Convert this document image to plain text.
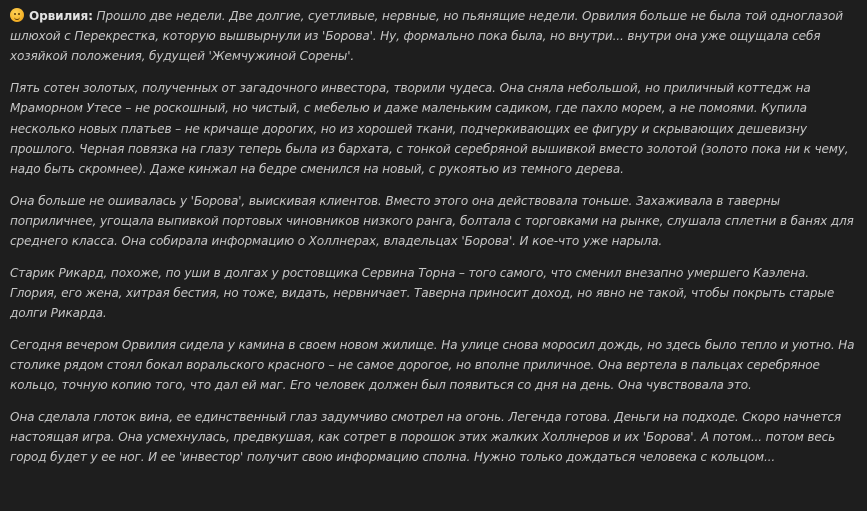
Орвилия: Прошло две недели. Две долгие, суетливые, нервные, но пьянящие недели. Орвилия больше не была той одноглазой шлюхой с Перекрестка, которую вышвырнули из 'Борова'. Ну, формально пока была, но внутри... внутри она уже ощущала себя хозяйкой положения, будущей 'Жемчужиной Сорены'.

Пять сотен золотых, полученных от загадочного инвестора, творили чудеса. Она сняла небольшой, но приличный коттедж на Мраморном Утесе – не роскошный, но чистый, с мебелью и даже маленьким садиком, где пахло морем, а не помоями. Купила несколько новых платьев – не кричаще дорогих, но из хорошей ткани, подчеркивающих ее фигуру и скрывающих дешевизну прошлого. Черная повязка на глазу теперь была из бархата, с тонкой серебряной вышивкой вместо золотой (золото пока ни к чему, надо быть скромнее). Даже кинжал на бедре сменился на новый, с рукоятью из темного дерева.

Она больше не ошивалась у 'Борова', выискивая клиентов. Вместо этого она действовала тоньше. Захаживала в таверны поприличнее, угощала выпивкой портовых чиновников низкого ранга, болтала с торговками на рынке, слушала сплетни в банях для среднего класса. Она собирала информацию о Холлнерах, владельцах 'Борова'. И кое-что уже нарыла.

Старик Рикард, похоже, по уши в долгах у ростовщика Сервина Торна – того самого, что сменил внезапно умершего Каэлена. Глория, его жена, хитрая бестия, но тоже, видать, нервничает. Таверна приносит доход, но явно не такой, чтобы покрыть старые долги Рикарда.

Сегодня вечером Орвилия сидела у камина в своем новом жилище. На улице снова моросил дождь, но здесь было тепло и уютно. На столике рядом стоял бокал воральского красного – не самое дорогое, но вполне приличное. Она вертела в пальцах серебряное кольцо, точную копию того, что дал ей маг. Его человек должен был появиться со дня на день. Она чувствовала это.

Она сделала глоток вина, ее единственный глаз задумчиво смотрел на огонь. Легенда готова. Деньги на подходе. Скоро начнется настоящая игра. Она усмехнулась, предвкушая, как сотрет в порошок этих жалких Холлнеров и их 'Борова'. А потом... потом весь город будет у ее ног. И ее 'инвестор' получит свою информацию сполна. Нужно только дождаться человека с кольцом...
